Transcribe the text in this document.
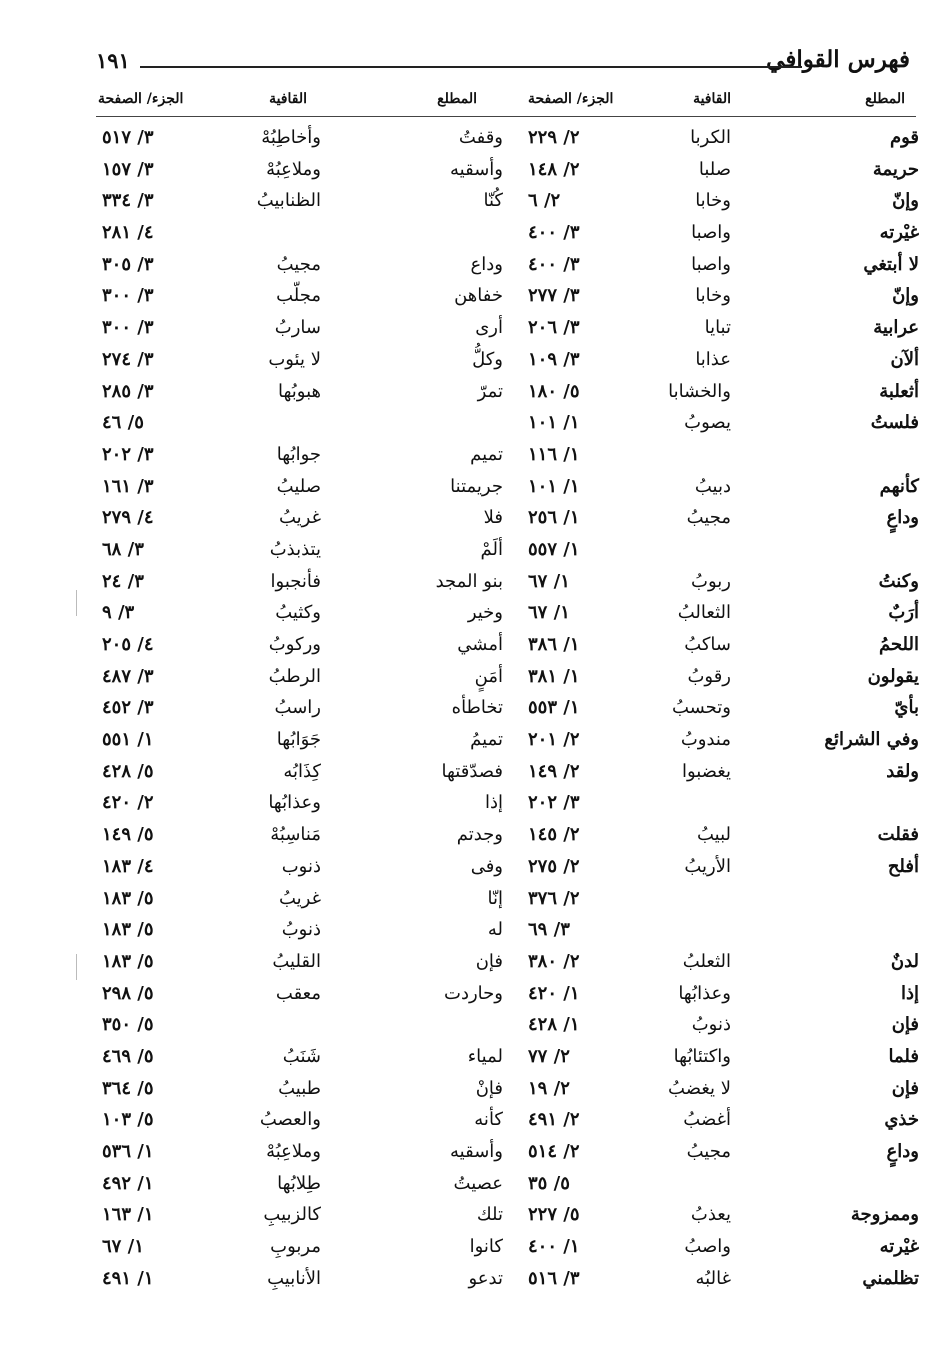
فهرس القوافي
١٩١
المطلع
القافية
الجزء/ الصفحة
المطلع
القافية
الجزء/ الصفحة
قوم
الكربا
٢/ ٢٢٩
وقفتُ
وأخاطِبُهْ
٣/ ٥١٧
حريمة
صلبا
٢/ ١٤٨
وأسقيه
وملاعِبُهْ
٣/ ١٥٧
وإنّ
وخابا
٢/ ٦
كُنّا
الظنابيبُ
٣/ ٣٣٤
غيْرته
واصبا
٣/ ٤٠٠
٤/ ٢٨١
لا أبتغي
واصبا
٣/ ٤٠٠
وداع
مجيبُ
٣/ ٣٠٥
وإنّ
وخابا
٣/ ٢٧٧
خفاهن
مجلّب
٣/ ٣٠٠
عرابية
تبايا
٣/ ٢٠٦
أرى
ساربُ
٣/ ٣٠٠
ألآن
عذابا
٣/ ١٠٩
وكلُّ
لا يئوب
٣/ ٢٧٤
أثعلبة
والخشابا
٥/ ١٨٠
تمرّ
هبوبُها
٣/ ٢٨٥
فلستُ
يصوبُ
١/ ١٠١
٥/ ٤٦
١/ ١١٦
تميم
جوابُها
٣/ ٢٠٢
كأنهم
دبيبُ
١/ ١٠١
جريمتنا
صليبُ
٣/ ١٦١
وداعٍ
مجيبُ
١/ ٢٥٦
فلا
غريبُ
٤/ ٢٧٩
١/ ٥٥٧
ألَمْ
يتذبذبُ
٣/ ٦٨
وكنتُ
ربوبُ
١/ ٦٧
بنو المجد
فأنجبوا
٣/ ٢٤
أرَبٌ
الثعالبُ
١/ ٦٧
وخير
وكثيبُ
٣/ ٩
اللحمُ
ساكبُ
١/ ٣٨٦
أمشي
وركوبُ
٤/ ٢٠٥
يقولون
رقوبُ
١/ ٣٨١
أمَنٍ
الرطبُ
٣/ ٤٨٧
بأيّ
وتحسبُ
١/ ٥٥٣
تخاطأه
راسبُ
٣/ ٤٥٢
وفي الشرائع
مندوبُ
٢/ ٢٠١
تميمُ
جَوَابُها
١/ ٥٥١
ولقد
يغضبوا
٢/ ١٤٩
فصدّقتها
كِذَابُه
٥/ ٤٢٨
٣/ ٢٠٢
إذا
وعذابُها
٢/ ٤٢٠
فقلت
لبيبُ
٢/ ١٤٥
وجدتم
مَناسِبُهْ
٥/ ١٤٩
أفلح
الأريبُ
٢/ ٢٧٥
وفى
ذنوب
٤/ ١٨٣
٢/ ٣٧٦
إنّا
غريبُ
٥/ ١٨٣
٣/ ٦٩
له
ذنوبُ
٥/ ١٨٣
لدنٌ
الثعلبُ
٢/ ٣٨٠
فإن
القليبُ
٥/ ١٨٣
إذا
وعذابُها
١/ ٤٢٠
وحاردت
معقب
٥/ ٢٩٨
فإن
ذنوبُ
١/ ٤٢٨
٥/ ٣٥٠
فلما
واكتئابُها
٢/ ٧٧
لمياء
شَنَبُ
٥/ ٤٦٩
فإن
لا يغضبُ
٢/ ١٩
فإنْ
طبيبُ
٥/ ٣٦٤
خذي
أغضبُ
٢/ ٤٩١
كأنه
والعصبُ
٥/ ١٠٣
وداعٍ
مجيبُ
٢/ ٥١٤
وأسقيه
وملاعِبُهْ
١/ ٥٣٦
٥/ ٣٥
عصيتُ
طِلابُها
١/ ٤٩٢
وممزوجة
يعذبُ
٥/ ٢٢٧
تلك
كالزبيبِ
١/ ١٦٣
غيْرته
واصبُ
١/ ٤٠٠
كانوا
مربوبِ
١/ ٦٧
تظلمني
غالبُه
٣/ ٥١٦
تدعو
الأنابيبِ
١/ ٤٩١
